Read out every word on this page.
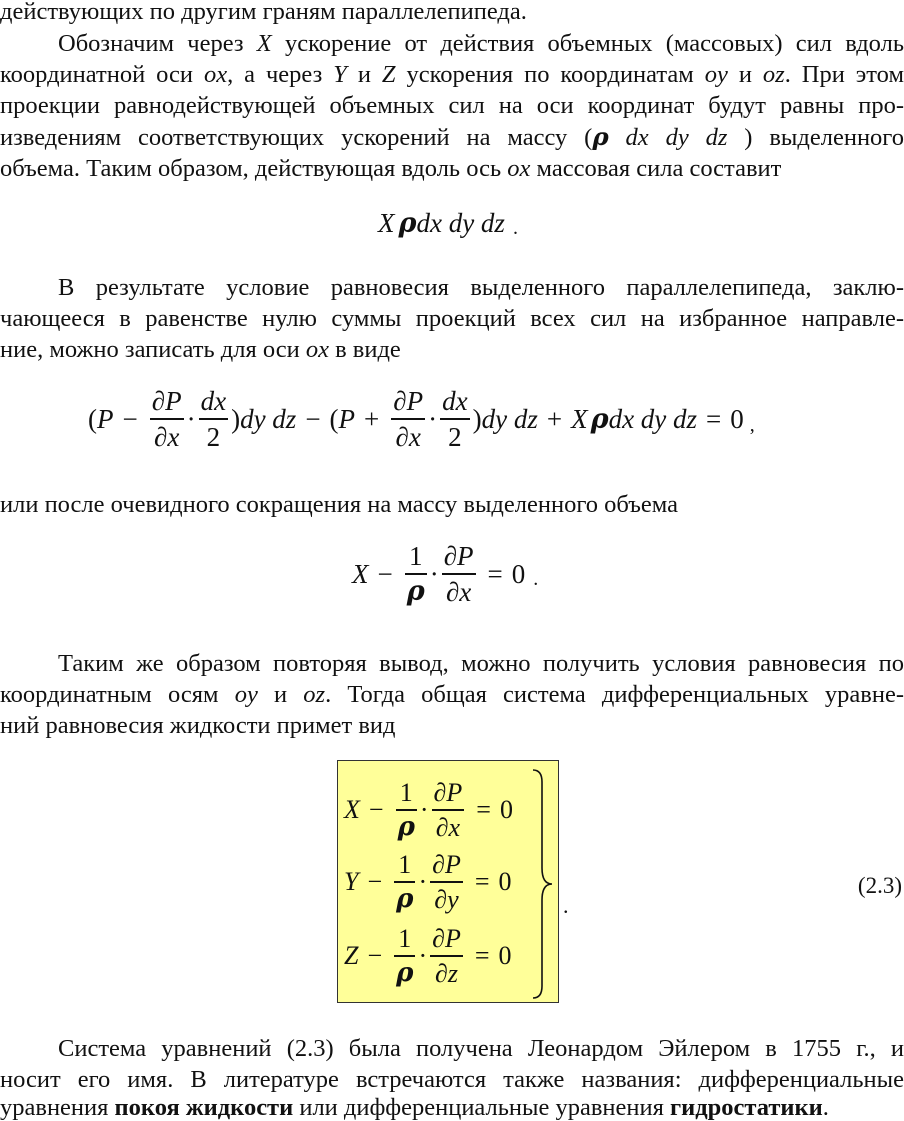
действующих по другим граням параллелепипеда.
Обозначим через X ускорение от действия объемных (массовых) сил вдоль
координатной оси ox, а через Y и Z ускорения по координатам oy и oz. При этом
проекции равнодействующей объемных сил на оси координат будут равны про-
изведениям соответствующих ускорений на массу (ρ dx dy dz ) выделенного
объема. Таким образом, действующая вдоль ось ox массовая сила составит
X ρ dx dy dz .
В результате условие равновесия выделенного параллелепипеда, заклю-
чающееся в равенстве нулю суммы проекций всех сил на избранное направле-
ние, можно записать для оси ox в виде
( $P - \frac{\partial P}{\partial x} \cdot \frac{dx}{2}$ ) dy dz − ( $P + \frac{\partial P}{\partial x} \cdot \frac{dx}{2}$ ) dy dz + X ρ dx dy dz = 0 ,
или после очевидного сокращения на массу выделенного объема
$X - \frac{1}{\rho} \cdot \frac{\partial P}{\partial x} = 0$ .
Таким же образом повторяя вывод, можно получить условия равновесия по
координатным осям oy и oz. Тогда общая система дифференциальных уравне-
ний равновесия жидкости примет вид
$X - \frac{1}{\rho} \cdot \frac{\partial P}{\partial x} = 0$
$Y - \frac{1}{\rho} \cdot \frac{\partial P}{\partial y} = 0$
$Z - \frac{1}{\rho} \cdot \frac{\partial P}{\partial z} = 0$
.
(2.3)
Система уравнений (2.3) была получена Леонардом Эйлером в 1755 г., и
носит его имя. В литературе встречаются также названия: дифференциальные
уравнения покоя жидкости или дифференциальные уравнения гидростатики.
